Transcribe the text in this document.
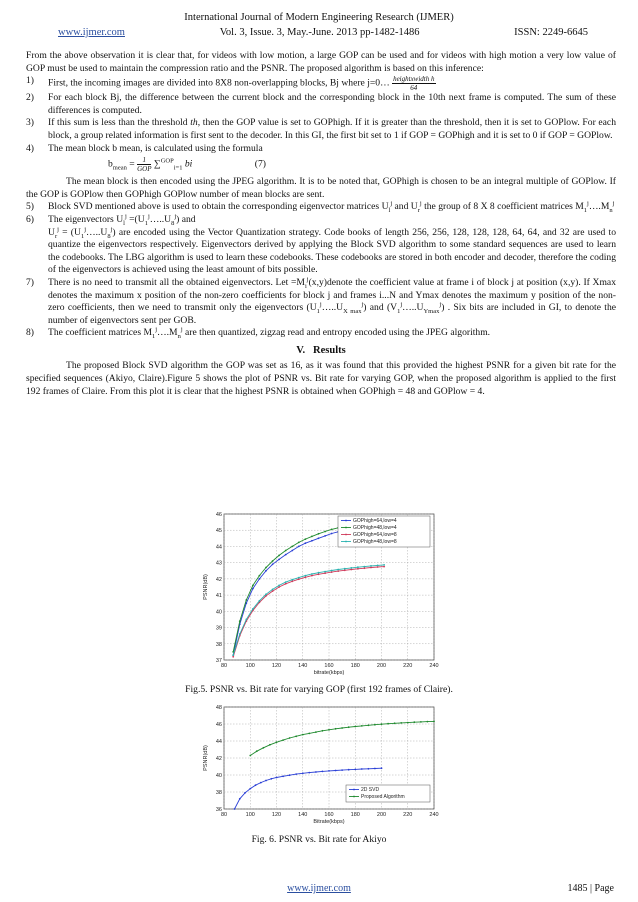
International Journal of Modern Engineering Research (IJMER)
www.ijmer.com	Vol. 3, Issue. 3, May.-June. 2013 pp-1482-1486	ISSN: 2249-6645

From the above observation it is clear that, for videos with low motion, a large GOP can be used and for videos with high motion a very low value of GOP must be used to maintain the compression ratio and the PSNR. The proposed algorithm is based on this inference:

1) First, the incoming images are divided into 8X8 non-overlapping blocks, Bj where j=0… $\frac{\text{heightxwidth h}}{64}$
2) For each block Bj, the difference between the current block and the corresponding block in the 10th next frame is computed. The sum of these differences is computed.
3) If this sum is less than the threshold th, then the GOP value is set to GOPhigh. If it is greater than the threshold, then it is set to GOPlow. For each block, a group related information is first sent to the decoder. In this GI, the first bit set to 1 if GOP = GOPhigh and it is set to 0 if GOP = GOPlow.
4) The mean block b mean, is calculated using the formula
$b_{mean} = \frac{1}{\text{GOP}} \sum^{GOP}_{i=1}$ bi	(7)

The mean block is then encoded using the JPEG algorithm. It is to be noted that, GOPhigh is chosen to be an integral multiple of GOPlow. If the GOP is GOPlow then GOPhigh GOPlow number of mean blocks are sent.

5) Block SVD mentioned above is used to obtain the corresponding eigenvector matrices $U_l^j$ and $U_r^j$ the group of 8 X 8 coefficient matrices $M_1^j\dots.M_n^j$
6) The eigenvectors $U_l^j$ $=(U_1^j\dots..U_8^j)$ and
$U_r^j$ = $(U_1^j\dots..U_8^j)$ are encoded using the Vector Quantization strategy. Code books of length 256, 256, 128, 128, 128, 64, 64, and 32 are used to quantize the eigenvectors respectively. Eigenvectors derived by applying the Block SVD algorithm to some standard sequences are used to learn the codebooks. The LBG algorithm is used to learn these codebooks. These codebooks are stored in both encoder and decoder, therefore the coding of the eigenvectors is achieved using the least amount of bits possible.
7) There is no need to transmit all the obtained eigenvectors. Let $=M_i^j(x,y)denote$ the coefficient value at frame i of block j at position (x,y). If Xmax denotes the maximum x position of the non-zero coefficients for block j and frames i...N and Ymax denotes the maximum y position of the non-zero coefficients, then we need to transmit only the eigenvectors $(U_1^j\dots..U_{X max}^j)$ and $(V_1^j\dots..U_{Ymax}^j)$ . Six bits are included in GI, to denote the number of eigenvectors sent per GOB.
8) The coefficient matrices $M_1^j\dots.M_n^j$ are then quantized, zigzag read and entropy encoded using the JPEG algorithm.
V. Results

The proposed Block SVD algorithm the GOP was set as 16, as it was found that this provided the highest PSNR for a given bit rate for the specified sequences (Akiyo, Claire).Figure 5 shows the plot of PSNR vs. Bit rate for varying GOP, when the proposed algorithm is applied to the first 192 frames of Claire. From this plot it is clear that the highest PSNR is obtained when GOPhigh = 48 and GOPlow = 4.

80	100	120	140	160	180	200	220	240
37
38
39
40
41
42
43
44
45
46
bitrate(kbps)
PSNR(dB)
GOPhigh=64,low=4
GOPhigh=48,low=4
GOPhigh=64,low=8
GOPhigh=48,low=8
Fig.5. PSNR vs. Bit rate for varying GOP (first 192 frames of Claire).
80	100	120	140	160	180	200	220	240
36
38
40
42
44
46
48
Bitrate(kbps)
PSNR(dB)
2D SVD
Proposed Algorithm
Fig. 6. PSNR vs. Bit rate for Akiyo
www.ijmer.com	1485 | Page
